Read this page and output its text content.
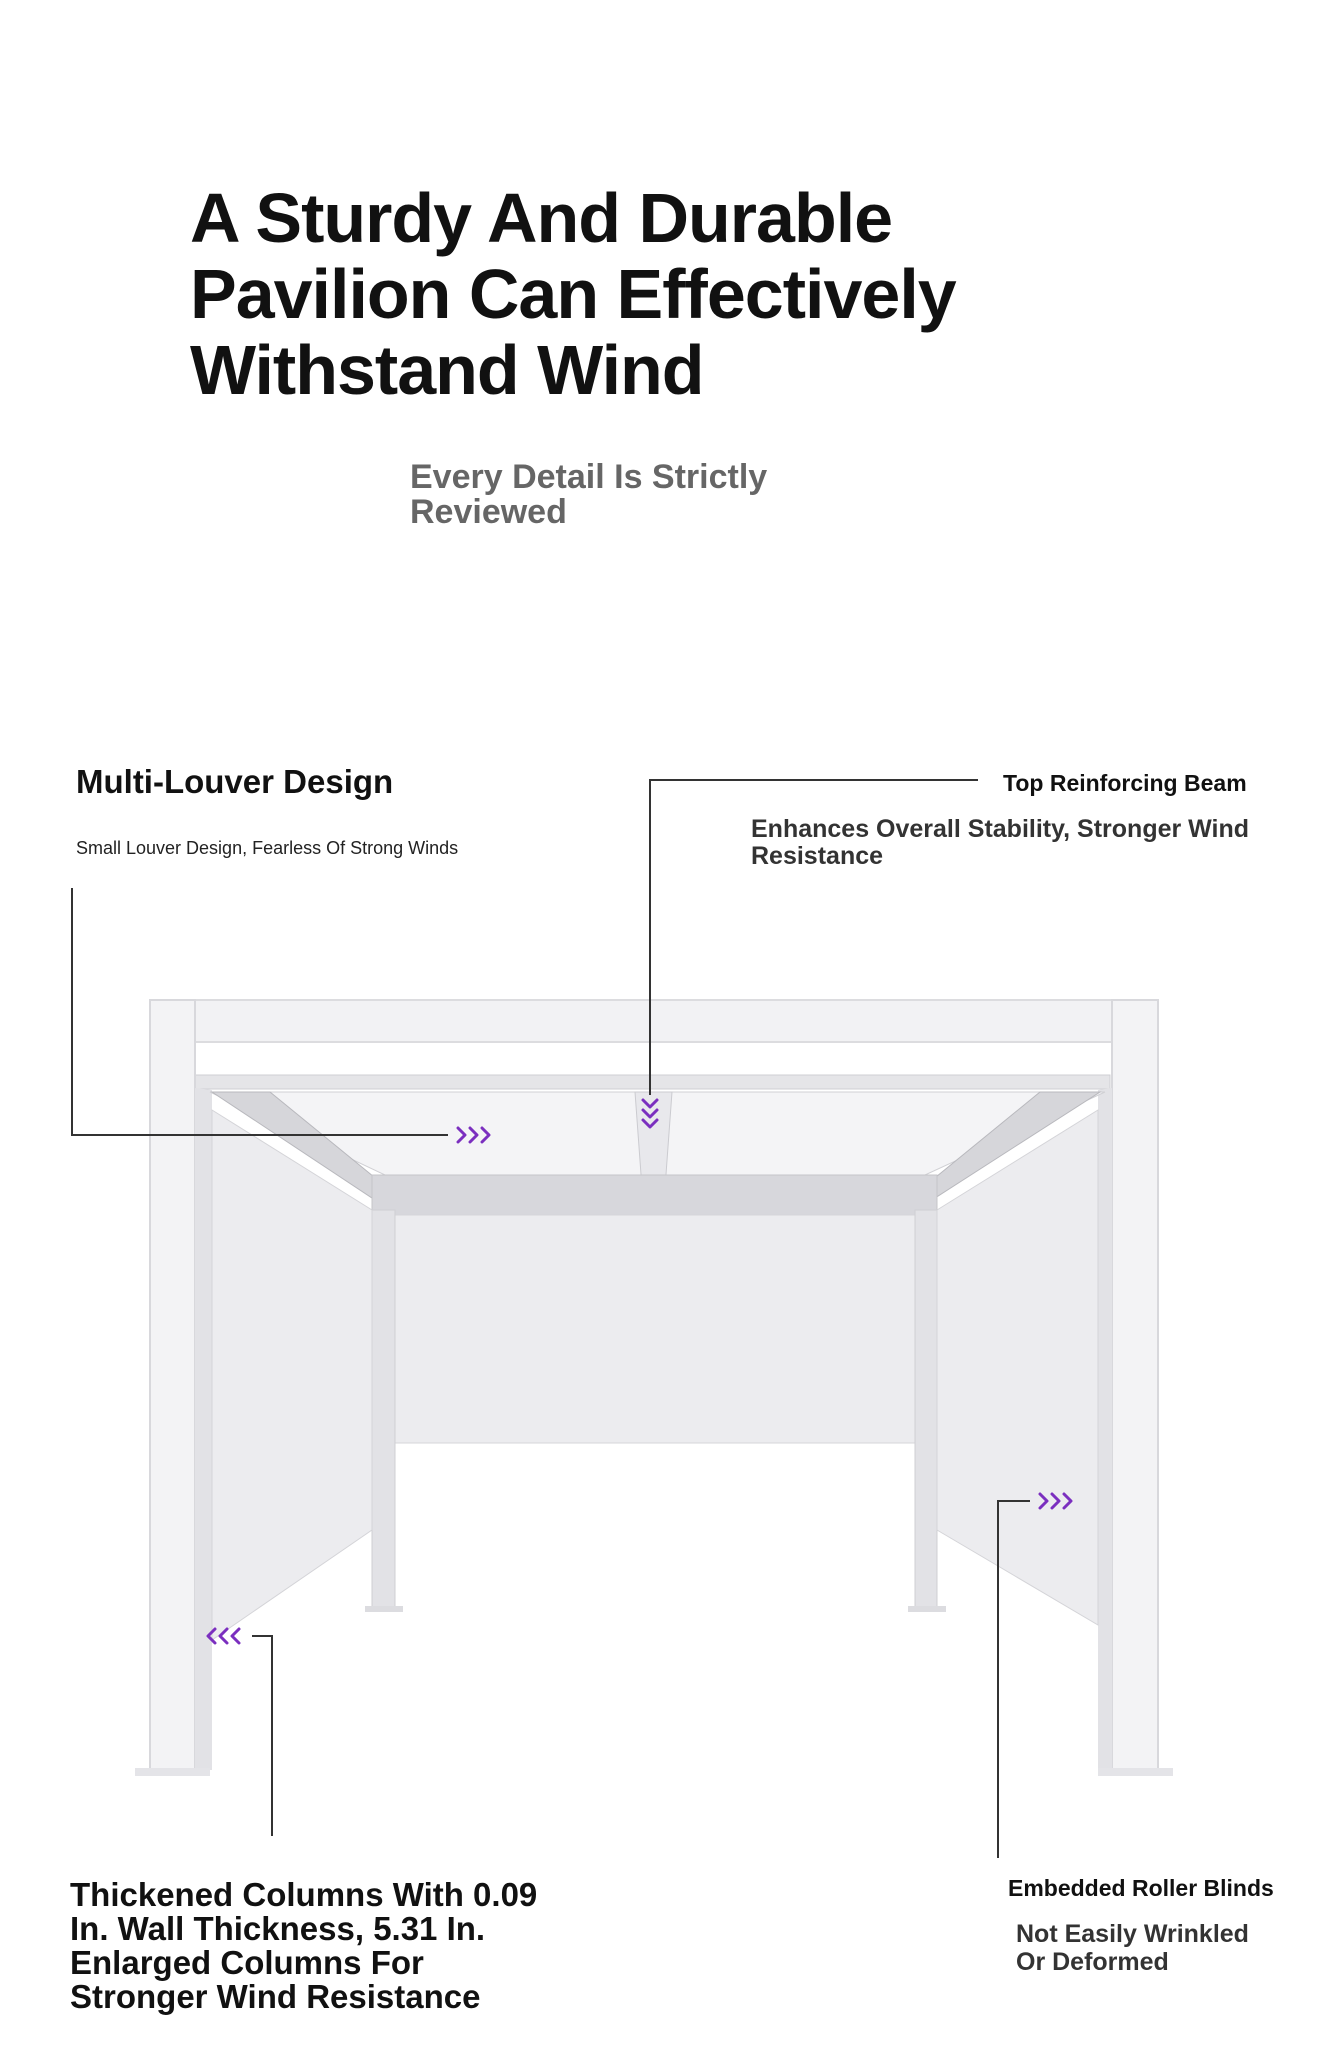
A Sturdy And Durable
Pavilion Can Effectively
Withstand Wind
Every Detail Is Strictly
Reviewed
Multi-Louver Design
Small Louver Design, Fearless Of Strong Winds
Top Reinforcing Beam
Enhances Overall Stability, Stronger Wind Resistance
Thickened Columns With 0.09
In. Wall Thickness, 5.31 In.
Enlarged Columns For
Stronger Wind Resistance
Embedded Roller Blinds
Not Easily Wrinkled Or Deformed
